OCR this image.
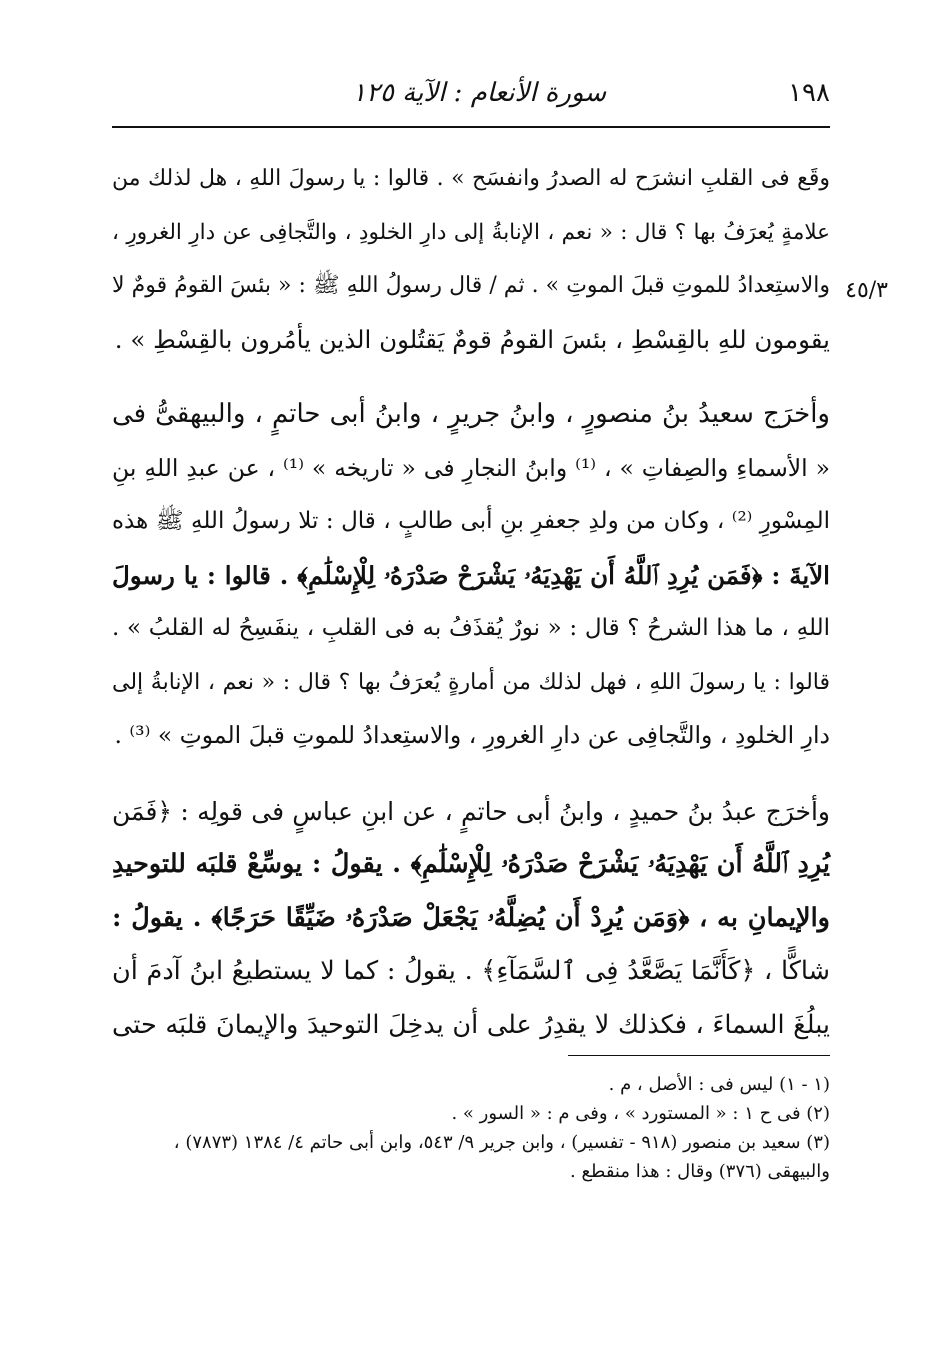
١٩٨
سورة الأنعام : الآية ١٢٥
٤٥/٣

وقَع فى القلبِ انشرَح له الصدرُ وانفسَح » . قالوا : يا رسولَ اللهِ ، هل لذلك من
علامةٍ يُعرَفُ بها ؟ قال : « نعم ، الإنابةُ إلى دارِ الخلودِ ، والتَّجافِى عن دارِ الغرورِ ،
والاستِعدادُ للموتِ قبلَ الموتِ » . ثم / قال رسولُ اللهِ ﷺ : « بئسَ القومُ قومٌ لا
يقومون للهِ بالقِسْطِ ، بئسَ القومُ قومٌ يَقتُلون الذين يأمُرون بالقِسْطِ » .

وأخرَج سعيدُ بنُ منصورٍ ، وابنُ جريرٍ ، وابنُ أبى حاتمٍ ، والبيهقىُّ فى
« الأسماءِ والصِفاتِ » ، ⁽¹⁾ وابنُ النجارِ فى « تاريخه » ⁽¹⁾ ، عن عبدِ اللهِ بنِ
المِسْورِ ⁽²⁾ ، وكان من ولدِ جعفرِ بنِ أبى طالبٍ ، قال : تلا رسولُ اللهِ ﷺ هذه
الآيةَ : ﴿فَمَن يُرِدِ ٱللَّهُ أَن يَهْدِيَهُۥ يَشْرَحْ صَدْرَهُۥ لِلْإِسْلَٰمِ﴾ . قالوا : يا رسولَ
اللهِ ، ما هذا الشرحُ ؟ قال : « نورٌ يُقذَفُ به فى القلبِ ، ينفَسِحُ له القلبُ » .
قالوا : يا رسولَ اللهِ ، فهل لذلك من أمارةٍ يُعرَفُ بها ؟ قال : « نعم ، الإنابةُ إلى
دارِ الخلودِ ، والتَّجافِى عن دارِ الغرورِ ، والاستِعدادُ للموتِ قبلَ الموتِ » ⁽³⁾ .

وأخرَج عبدُ بنُ حميدٍ ، وابنُ أبى حاتمٍ ، عن ابنِ عباسٍ فى قولِه : ﴿فَمَن
يُرِدِ ٱللَّهُ أَن يَهْدِيَهُۥ يَشْرَحْ صَدْرَهُۥ لِلْإِسْلَٰمِ﴾ . يقولُ : يوسِّعْ قلبَه للتوحيدِ
والإيمانِ به ، ﴿وَمَن يُرِدْ أَن يُضِلَّهُۥ يَجْعَلْ صَدْرَهُۥ ضَيِّقًا حَرَجًا﴾ . يقولُ :
شاكًّا ، ﴿كَأَنَّمَا يَصَّعَّدُ فِى ٱلسَّمَآءِ﴾ . يقولُ : كما لا يستطيعُ ابنُ آدمَ أن
يبلُغَ السماءَ ، فكذلك لا يقدِرُ على أن يدخِلَ التوحيدَ والإيمانَ قلبَه حتى

(١ - ١) ليس فى : الأصل ، م .
(٢) فى ح ١ : « المستورد » ، وفى م : « السور » .
(٣) سعيد بن منصور (٩١٨ - تفسير) ، وابن جرير ٩/ ٥٤٣، وابن أبى حاتم ٤/ ١٣٨٤ (٧٨٧٣) ،
والبيهقى (٣٧٦) وقال : هذا منقطع .
